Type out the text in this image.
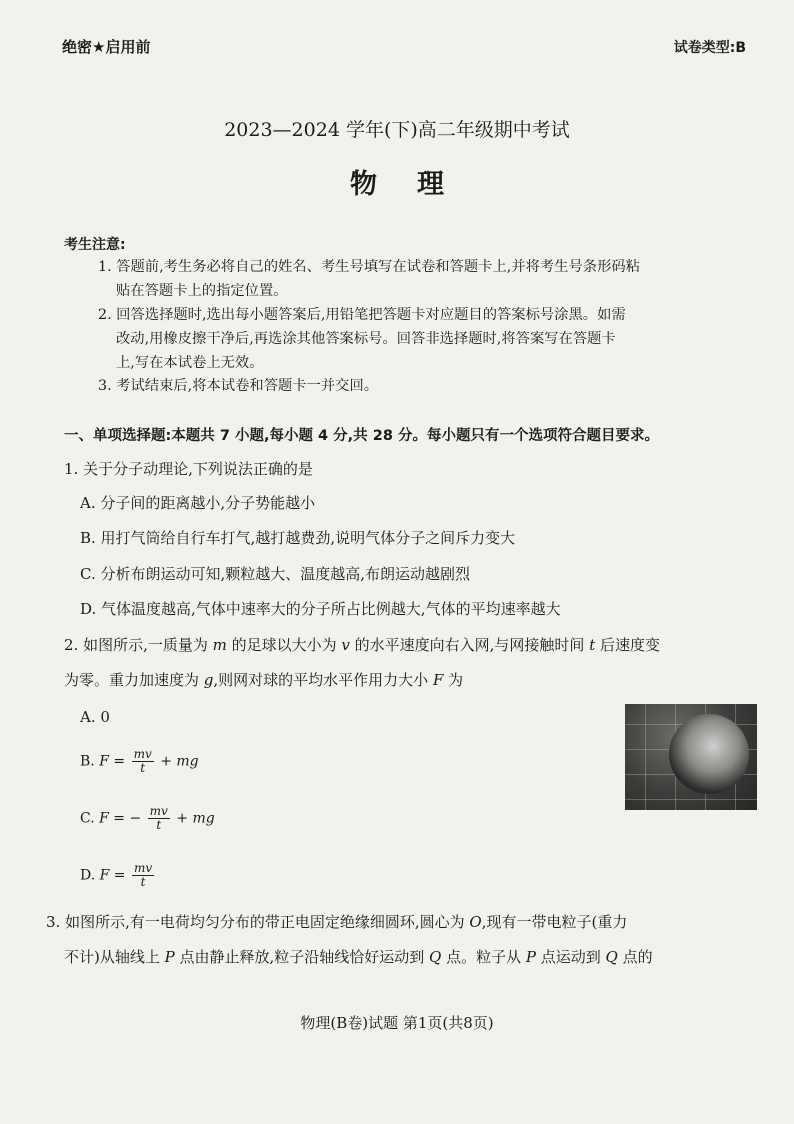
绝密★启用前	试卷类型:B
2023—2024 学年(下)高二年级期中考试
物理
考生注意:
1. 答题前,考生务必将自己的姓名、考生号填写在试卷和答题卡上,并将考生号条形码粘
贴在答题卡上的指定位置。
2. 回答选择题时,选出每小题答案后,用铅笔把答题卡对应题目的答案标号涂黑。如需
改动,用橡皮擦干净后,再选涂其他答案标号。回答非选择题时,将答案写在答题卡
上,写在本试卷上无效。
3. 考试结束后,将本试卷和答题卡一并交回。
一、单项选择题:本题共 7 小题,每小题 4 分,共 28 分。每小题只有一个选项符合题目要求。
1. 关于分子动理论,下列说法正确的是
A. 分子间的距离越小,分子势能越小
B. 用打气筒给自行车打气,越打越费劲,说明气体分子之间斥力变大
C. 分析布朗运动可知,颗粒越大、温度越高,布朗运动越剧烈
D. 气体温度越高,气体中速率大的分子所占比例越大,气体的平均速率越大
2. 如图所示,一质量为 m 的足球以大小为 v 的水平速度向右入网,与网接触时间 t 后速度变
为零。重力加速度为 g,则网对球的平均水平作用力大小 F 为
A. 0
B. $F = \frac{mv}{t}$ + mg
C. F = − $\frac{mv}{t}$ + mg
D. $F = \frac{mv}{t}$
3. 如图所示,有一电荷均匀分布的带正电固定绝缘细圆环,圆心为 O,现有一带电粒子(重力
不计)从轴线上 P 点由静止释放,粒子沿轴线恰好运动到 Q 点。粒子从 P 点运动到 Q 点的
物理(B卷)试题 第1页(共8页)
